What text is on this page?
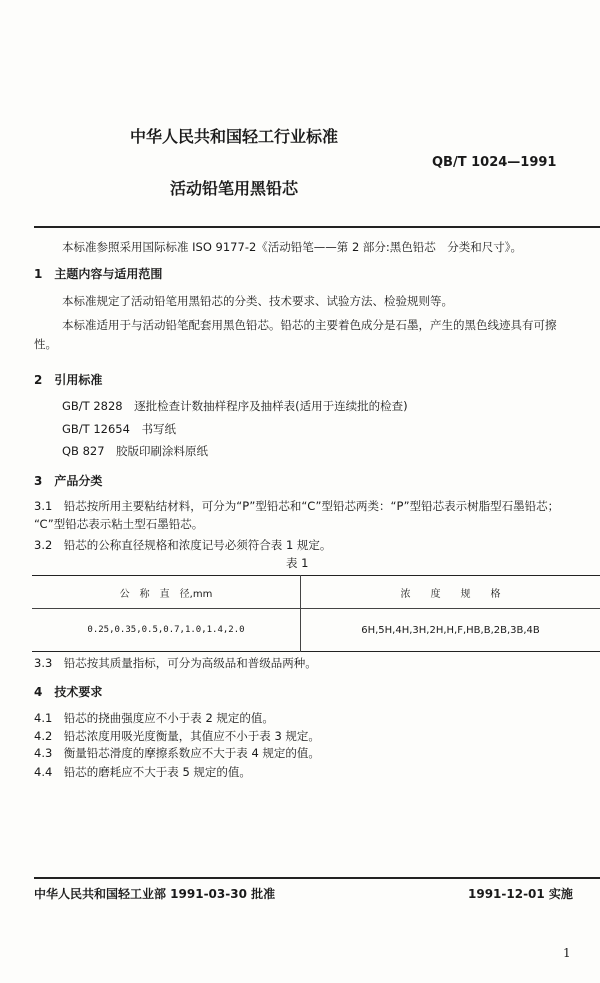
中华人民共和国轻工行业标准
QB/T 1024—1991
活动铅笔用黑铅芯
本标准参照采用国际标准 ISO 9177-2《活动铅笔——第 2 部分:黑色铅芯　分类和尺寸》。
1　主题内容与适用范围
本标准规定了活动铅笔用黑铅芯的分类、技术要求、试验方法、检验规则等。
本标准适用于与活动铅笔配套用黑色铅芯。铅芯的主要着色成分是石墨，产生的黑色线迹具有可擦
性。
2　引用标准
GB/T 2828　逐批检查计数抽样程序及抽样表(适用于连续批的检查)
GB/T 12654　书写纸
QB 827　胶版印刷涂料原纸
3　产品分类
3.1　铅芯按所用主要粘结材料，可分为“P”型铅芯和“C”型铅芯两类：“P”型铅芯表示树脂型石墨铅芯；
“C”型铅芯表示粘土型石墨铅芯。
3.2　铅芯的公称直径规格和浓度记号必须符合表 1 规定。
表 1
公　称　直　径,mm	浓　　度　　规　　格
0.25,0.35,0.5,0.7,1.0,1.4,2.0	6H,5H,4H,3H,2H,H,F,HB,B,2B,3B,4B
3.3　铅芯按其质量指标，可分为高级品和普级品两种。
4　技术要求
4.1　铅芯的挠曲强度应不小于表 2 规定的值。
4.2　铅芯浓度用吸光度衡量，其值应不小于表 3 规定。
4.3　衡量铅芯滑度的摩擦系数应不大于表 4 规定的值。
4.4　铅芯的磨耗应不大于表 5 规定的值。
中华人民共和国轻工业部 1991-03-30 批准	1991-12-01 实施
1
